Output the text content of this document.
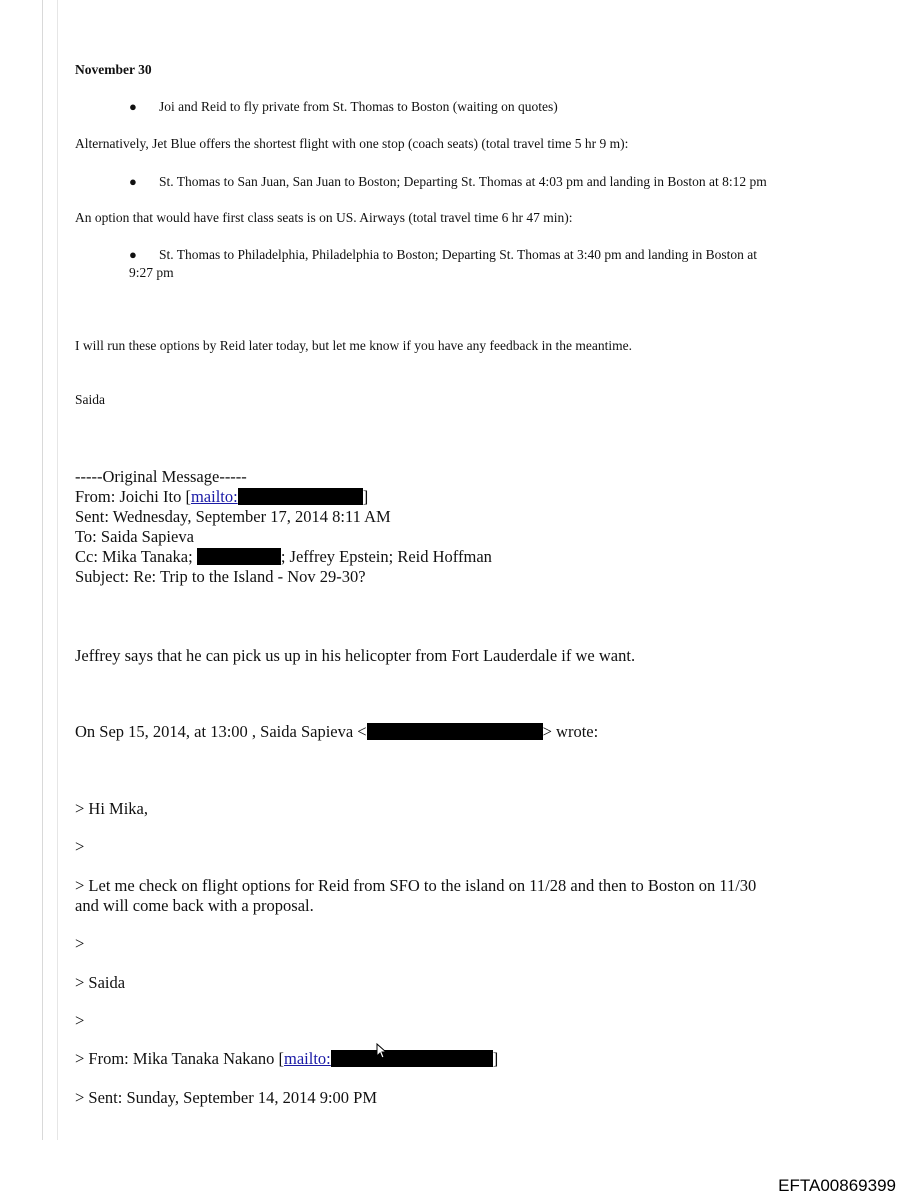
November 30
● Joi and Reid to fly private from St. Thomas to Boston (waiting on quotes)
Alternatively, Jet Blue offers the shortest flight with one stop (coach seats) (total travel time 5 hr 9 m):
● St. Thomas to San Juan, San Juan to Boston; Departing St. Thomas at 4:03 pm and landing in Boston at 8:12 pm
An option that would have first class seats is on US. Airways (total travel time 6 hr 47 min):
● St. Thomas to Philadelphia, Philadelphia to Boston; Departing St. Thomas at 3:40 pm and landing in Boston at
9:27 pm
I will run these options by Reid later today, but let me know if you have any feedback in the meantime.
Saida
-----Original Message-----
From: Joichi Ito [mailto:	]
Sent: Wednesday, September 17, 2014 8:11 AM
To: Saida Sapieva
Cc: Mika Tanaka;	; Jeffrey Epstein; Reid Hoffman
Subject: Re: Trip to the Island - Nov 29-30?
Jeffrey says that he can pick us up in his helicopter from Fort Lauderdale if we want.
On Sep 15, 2014, at 13:00 , Saida Sapieva <	> wrote:
> Hi Mika,
>
> Let me check on flight options for Reid from SFO to the island on 11/28 and then to Boston on 11/30
and will come back with a proposal.
>
> Saida
>
> From: Mika Tanaka Nakano [mailto:	]
> Sent: Sunday, September 14, 2014 9:00 PM
EFTA00869399
